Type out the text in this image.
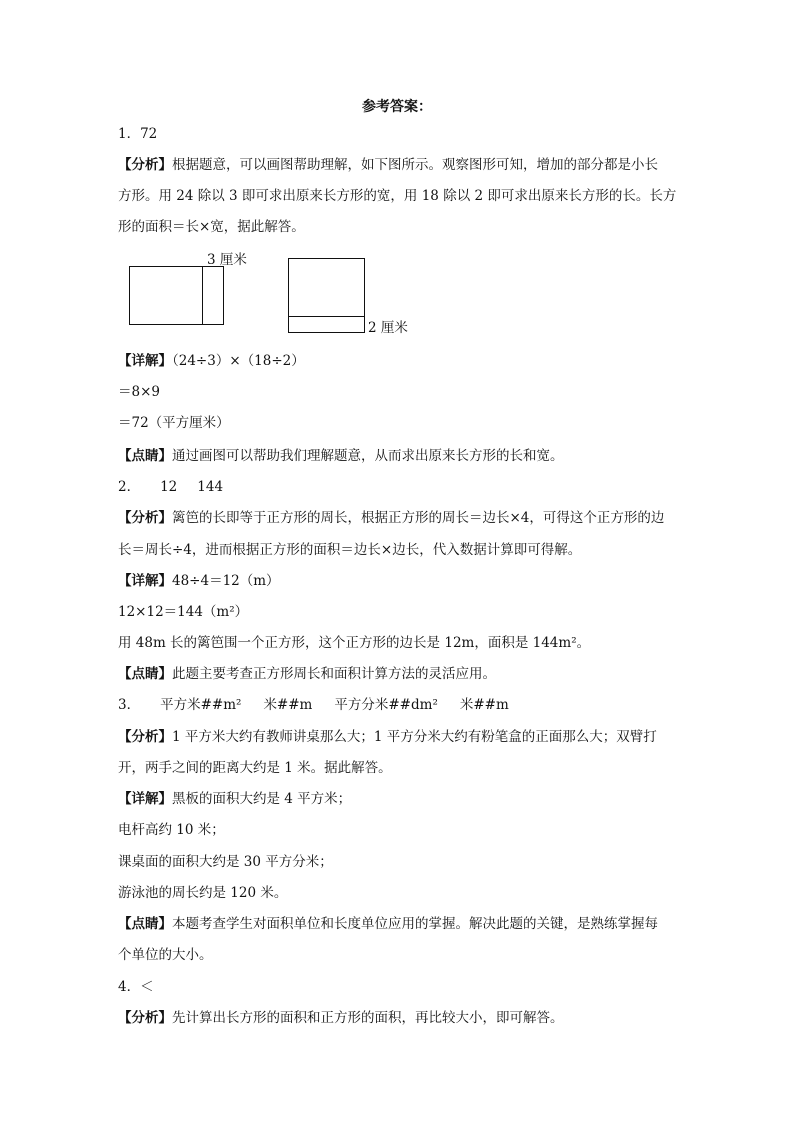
参考答案：
1．72
【分析】根据题意，可以画图帮助理解，如下图所示。观察图形可知，增加的部分都是小长
方形。用 24 除以 3 即可求出原来长方形的宽，用 18 除以 2 即可求出原来长方形的长。长方
形的面积＝长×宽，据此解答。
3 厘米
2 厘米
【详解】（24÷3）×（18÷2）
＝8×9
＝72（平方厘米）
【点睛】通过画图可以帮助我们理解题意，从而求出原来长方形的长和宽。
2． 12 144
【分析】篱笆的长即等于正方形的周长，根据正方形的周长＝边长×4，可得这个正方形的边
长＝周长÷4，进而根据正方形的面积＝边长×边长，代入数据计算即可得解。
【详解】48÷4＝12（m）
12×12＝144（m²）
用 48m 长的篱笆围一个正方形，这个正方形的边长是 12m，面积是 144m²。
【点睛】此题主要考查正方形周长和面积计算方法的灵活应用。
3． 平方米##m² 米##m 平方分米##dm² 米##m
【分析】1 平方米大约有教师讲桌那么大；1 平方分米大约有粉笔盒的正面那么大；双臂打
开，两手之间的距离大约是 1 米。据此解答。
【详解】黑板的面积大约是 4 平方米；
电杆高约 10 米；
课桌面的面积大约是 30 平方分米；
游泳池的周长约是 120 米。
【点睛】本题考查学生对面积单位和长度单位应用的掌握。解决此题的关键，是熟练掌握每
个单位的大小。
4．＜
【分析】先计算出长方形的面积和正方形的面积，再比较大小，即可解答。
